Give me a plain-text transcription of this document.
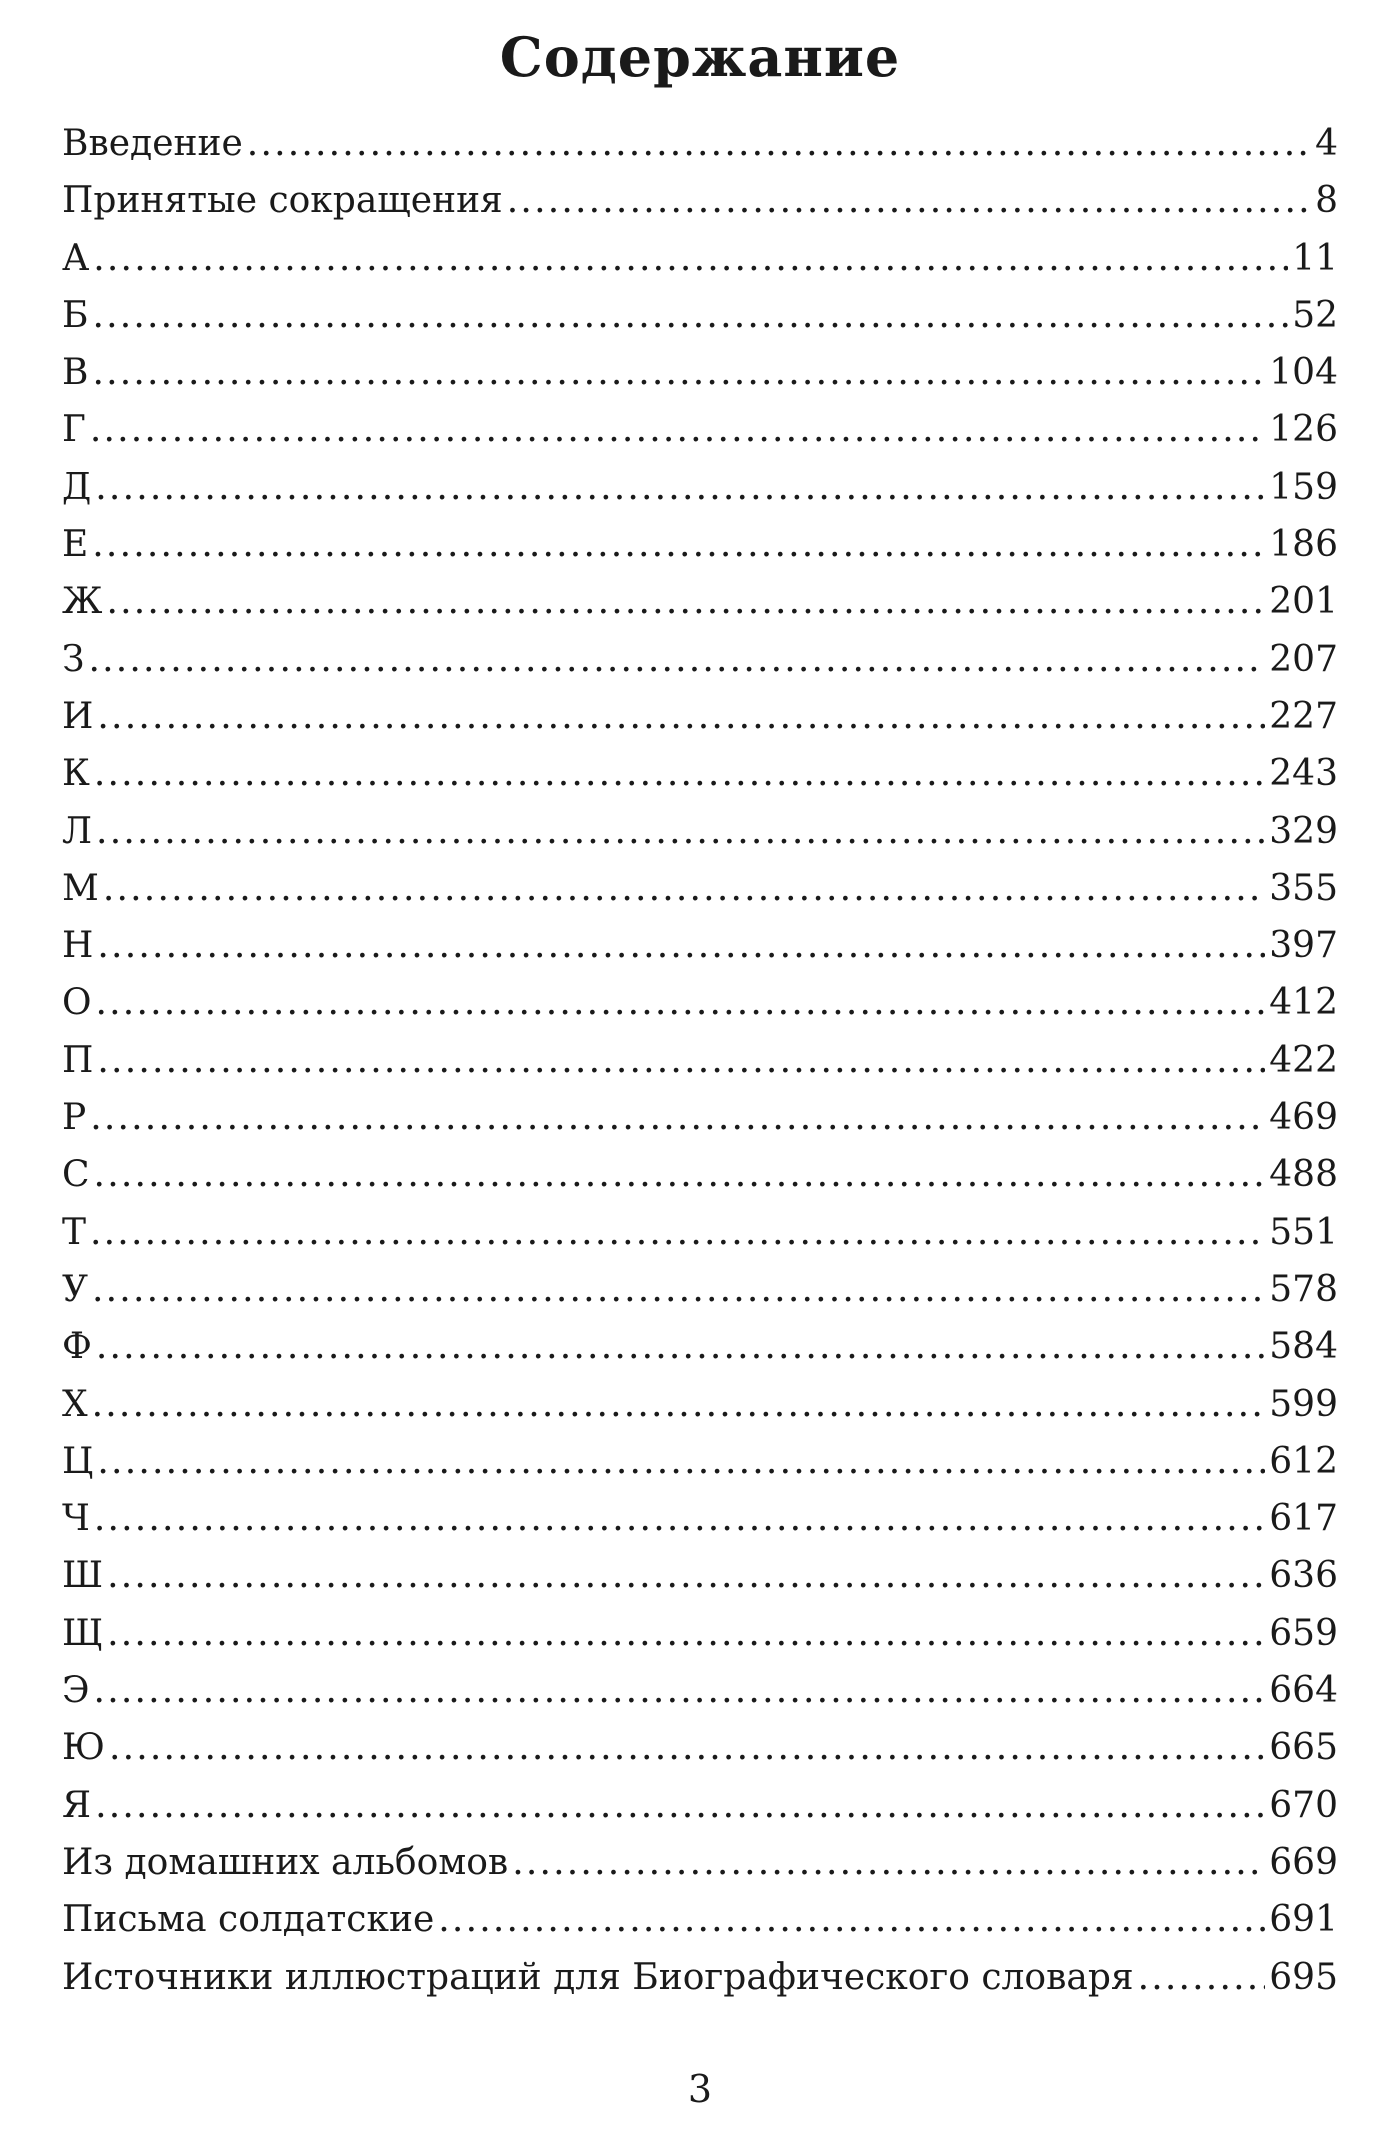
Содержание
Введение .....	4
Принятые сокращения .....	8
А .....	11
Б .....	52
В .....	104
Г .....	126
Д .....	159
Е .....	186
Ж .....	201
З .....	207
И .....	227
К .....	243
Л .....	329
М .....	355
Н .....	397
О .....	412
П .....	422
Р .....	469
С .....	488
Т .....	551
У .....	578
Ф .....	584
Х .....	599
Ц .....	612
Ч .....	617
Ш .....	636
Щ .....	659
Э .....	664
Ю .....	665
Я .....	670
Из домашних альбомов .....	669
Письма солдатские .....	691
Источники иллюстраций для Биографического словаря .....	695
3
